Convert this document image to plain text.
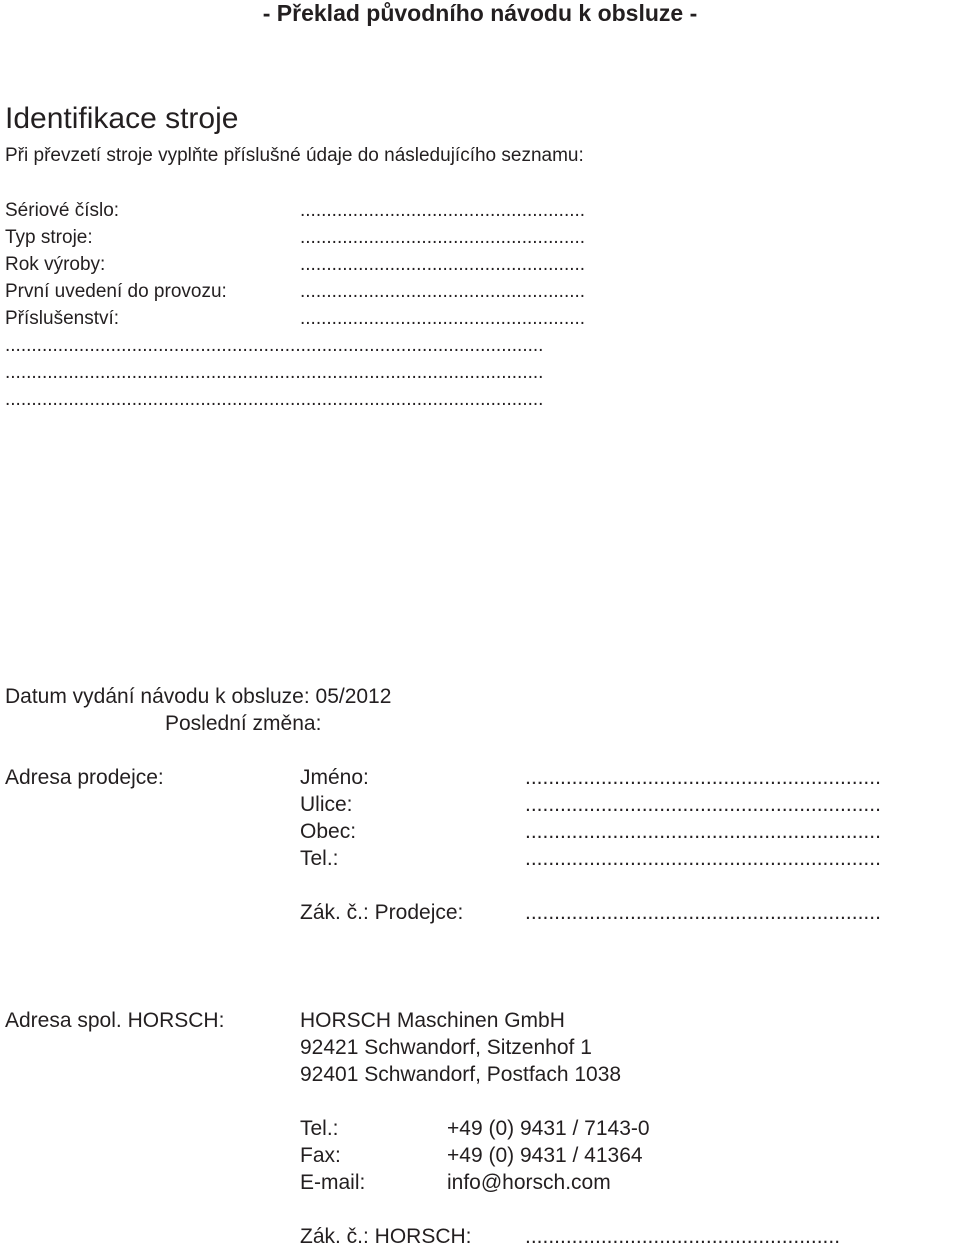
- Překlad původního návodu k obsluze -
Identifikace stroje
Při převzetí stroje vyplňte příslušné údaje do následujícího seznamu:
Sériové číslo:	......................................................
Typ stroje:	......................................................
Rok výroby:	......................................................
První uvedení do provozu:	......................................................
Příslušenství:	......................................................
......................................................................................................
......................................................................................................
......................................................................................................
Datum vydání návodu k obsluze: 05/2012
Poslední změna:
Adresa prodejce:	Jméno:	.............................................................
Ulice:	.............................................................
Obec:	.............................................................
Tel.:	.............................................................
Zák. č.: Prodejce:	.............................................................
Adresa spol. HORSCH:	HORSCH Maschinen GmbH
92421 Schwandorf, Sitzenhof 1
92401 Schwandorf, Postfach 1038
Tel.:	+49 (0) 9431 / 7143-0
Fax:	+49 (0) 9431 / 41364
E-mail:	info@horsch.com
Zák. č.: HORSCH:	......................................................
